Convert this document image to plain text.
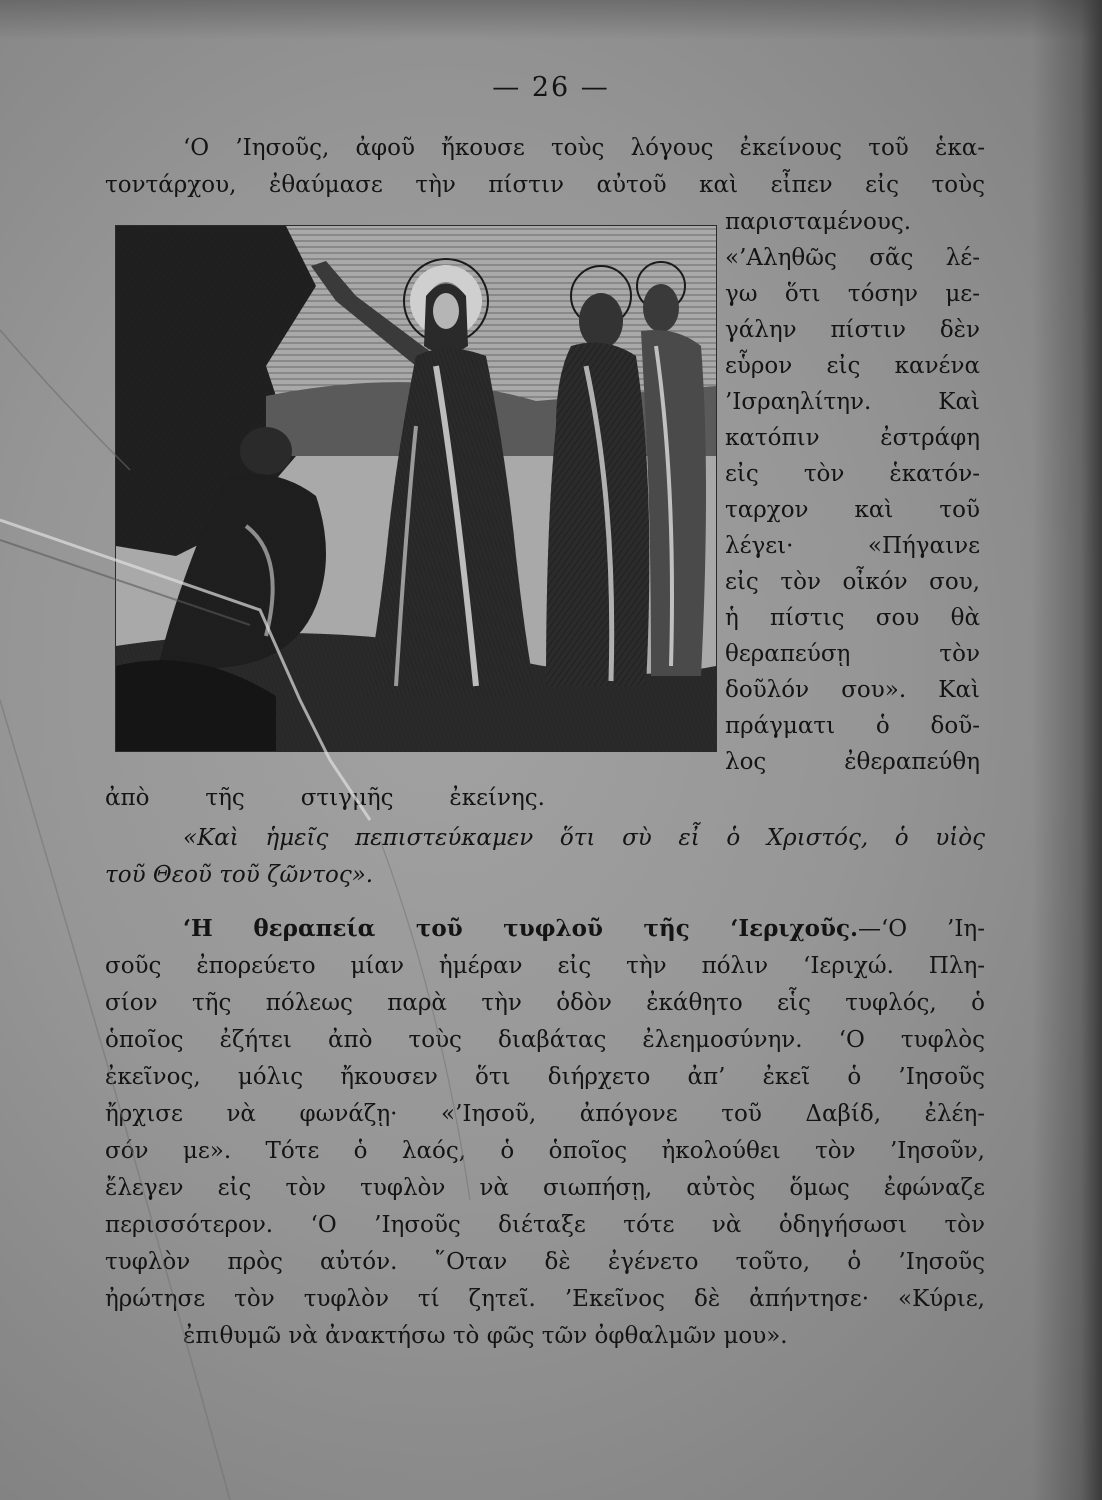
— 26 —
‘Ο ’Ιησοῦς, ἀφοῦ ἤκουσε τοὺς λόγους ἐκείνους τοῦ ἑκα-
τοντάρχου, ἐθαύμασε τὴν πίστιν αὐτοῦ καὶ εἶπεν εἰς τοὺς
παρισταμένους.
«’Αληθῶς σᾶς λέ-
γω ὅτι τόσην με-
γάλην πίστιν δὲν
εὗρον εἰς κανένα
’Ισραηλίτην. Καὶ
κατόπιν ἐστράφη
εἰς τὸν ἑκατόν-
ταρχον καὶ τοῦ
λέγει· «Πήγαινε
εἰς τὸν οἶκόν σου,
ἡ πίστις σου θὰ
θεραπεύσῃ τὸν
δοῦλόν σου». Καὶ
πράγματι ὁ δοῦ-
λος ἐθεραπεύθη
ἀπὸ τῆς στιγμῆς ἐκείνης.
«Καὶ ἡμεῖς πεπιστεύκαμεν ὅτι σὺ εἶ ὁ Χριστός, ὁ υἱὸς
τοῦ Θεοῦ τοῦ ζῶντος».
‘Η θεραπεία τοῦ τυφλοῦ τῆς ‘Ιεριχοῦς.—‘Ο ’Ιη-
σοῦς ἐπορεύετο μίαν ἡμέραν εἰς τὴν πόλιν ‘Ιεριχώ. Πλη-
σίον τῆς πόλεως παρὰ τὴν ὁδὸν ἐκάθητο εἷς τυφλός, ὁ
ὁποῖος ἐζήτει ἀπὸ τοὺς διαβάτας ἐλεημοσύνην. ‘Ο τυφλὸς
ἐκεῖνος, μόλις ἤκουσεν ὅτι διήρχετο ἀπ’ ἐκεῖ ὁ ’Ιησοῦς
ἤρχισε νὰ φωνάζῃ· «’Ιησοῦ, ἀπόγονε τοῦ Δαβίδ, ἐλέη-
σόν με». Τότε ὁ λαός, ὁ ὁποῖος ἠκολούθει τὸν ’Ιησοῦν,
ἔλεγεν εἰς τὸν τυφλὸν νὰ σιωπήσῃ, αὐτὸς ὅμως ἐφώναζε
περισσότερον. ‘Ο ’Ιησοῦς διέταξε τότε νὰ ὁδηγήσωσι τὸν
τυφλὸν πρὸς αὐτόν. ῞Οταν δὲ ἐγένετο τοῦτο, ὁ ’Ιησοῦς
ἠρώτησε τὸν τυφλὸν τί ζητεῖ. ’Εκεῖνος δὲ ἀπήντησε· «Κύριε,
ἐπιθυμῶ νὰ ἀνακτήσω τὸ φῶς τῶν ὀφθαλμῶν μου».
